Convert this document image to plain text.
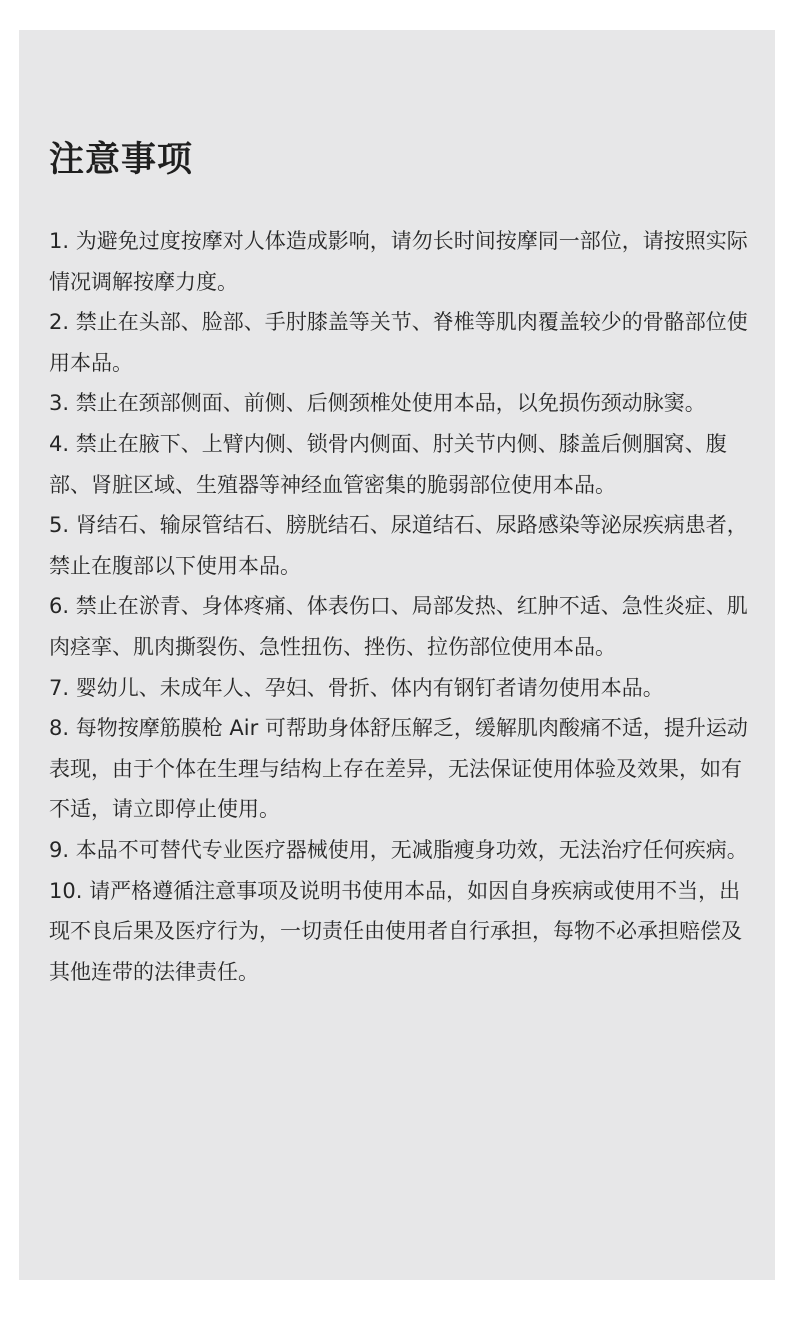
注意事项
1. 为避免过度按摩对人体造成影响，请勿长时间按摩同一部位，请按照实际情况调解按摩力度。
2. 禁止在头部、脸部、手肘膝盖等关节、脊椎等肌肉覆盖较少的骨骼部位使用本品。
3. 禁止在颈部侧面、前侧、后侧颈椎处使用本品，以免损伤颈动脉窦。
4. 禁止在腋下、上臂内侧、锁骨内侧面、肘关节内侧、膝盖后侧腘窝、腹部、肾脏区域、生殖器等神经血管密集的脆弱部位使用本品。
5. 肾结石、输尿管结石、膀胱结石、尿道结石、尿路感染等泌尿疾病患者，禁止在腹部以下使用本品。
6. 禁止在淤青、身体疼痛、体表伤口、局部发热、红肿不适、急性炎症、肌肉痉挛、肌肉撕裂伤、急性扭伤、挫伤、拉伤部位使用本品。
7. 婴幼儿、未成年人、孕妇、骨折、体内有钢钉者请勿使用本品。
8. 每物按摩筋膜枪 Air 可帮助身体舒压解乏，缓解肌肉酸痛不适，提升运动表现，由于个体在生理与结构上存在差异，无法保证使用体验及效果，如有不适，请立即停止使用。
9. 本品不可替代专业医疗器械使用，无减脂瘦身功效，无法治疗任何疾病。
10. 请严格遵循注意事项及说明书使用本品，如因自身疾病或使用不当，出现不良后果及医疗行为，一切责任由使用者自行承担，每物不必承担赔偿及其他连带的法律责任。
